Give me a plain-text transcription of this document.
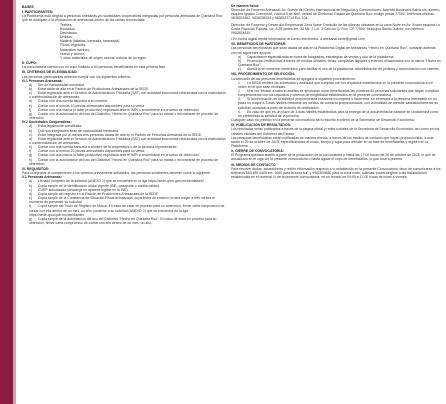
BASES
I. PARTICIPANTES:
La Plataforma está dirigida a personas artesanas y/o sociedades cooperativas integradas por personas artesanas de Quintana Roo que se dediquen a la producción de artesanías dentro de las ramas reconocidas:
Textiles,
Bordados,
Deshilados,
Urdidos,
Madera (talladas, torneada, taraceada)
Fibras vegetales,
Materiales marinos,
Hueso y cuerno,
Y otros materiales de origen natural, nativos de la región.
II. CUPO:
La convocatoria cuenta con un cupo limitado a 84 personas beneficiarias en esta primera fase.
III. CRITERIOS DE ELEGIBILIDAD:
Las personas participantes deberán cumplir con los siguientes criterios:
IV.1 Personas Artesanas:
a) Ser de nacionalidad mexicana.
b) Estar dada de alta en el Padrón de Productores Artesanales de la SEDE.
c) Estar registrado ante el Servicio de Administración Tributaria (SAT) con actividad económica relacionada con la elaboración o comercialización de artesanías.
d) Contar con una cuenta bancaria a su nombre.
e) Contar con al menos 10 piezas artesanales disponibles para su venta.
f) Contar con una marca (o taller productivo) registrada ante el IMPI o encontrarse en proceso de obtención.
g) Contar con la autorización del uso del Distintivo “Hecho en Quintana Roo” para su marca o encontrarse en proceso de obtención.
IV.2 Sociedades Cooperativas:
a) Estar legalmente constituida.
b) Que sus integrantes sean de nacionalidad mexicana.
c) Estar integrada por al menos tres personas dadas de alta en el Padrón de Personas Artesanas de la SEDE.
d) Estar registrada ante el Servicio de Administración Tributaria (SAT) con actividad económica relacionada con la elaboración o comercialización de artesanías.
e) Contar con una cuenta bancaria a nombre de la cooperativa o de la persona representante.
f) Contar con al menos 20 piezas artesanales disponibles para su venta.
g) Contar con una marca (o taller productivo) registrada ante el IMPI o encontrarse en proceso de obtención.
h) Contar con la autorización del uso del Distintivo “Hecho en Quintana Roo” para su marca o encontrarse en proceso de obtención.
IV. REQUISITOS:
Para comprobar el cumplimiento a los criterios previamente señalados, las personas solicitantes deberán cubrir lo siguiente:
V.1 Personas Artesanas:
a) Llenado completo de la solicitud (ANEXO 1) que se encuentra en la liga https://sede.qroo.gob.mx/tiendaweb/
b) Copia simple de la identificación oficial vigente (INE, pasaporte o cartilla militar).
c) CURP actualizada (descarga en aparece legible en la INE).
d) Copia simple del registro en el Padrón de Productores Artesanales de la SEDE.
e) Copia simple de la Constancia de Situación Fiscal actualizada, cuya fecha de emisión no sea mayor a tres meses al momento de presentar su solicitud.
f) Copia simple del Título de Registro de Marca. En caso de estar en proceso para su obtención, firmar carta compromiso de contar con ella dentro de un mes, un año, posterior a su solicitud (ANEXO 2) que se encuentra en la liga https://sede.qroo.gob.mx/tiendaweb/
g) Copia simple de la autorización del uso del Distintivo “Hecho en Quintana Roo”. En caso de estar en proceso para su obtención, firmar carta compromiso de contar con ello dentro de un mes, un año,
De manera física:
Dirección de Fomento Artesanal: Av. Sueste del Centro Internacional de Negocios y Convenciones, Avenida Boulevard Bahía sin número, esquina Ignacio Comonfort, colonia 5 de abril, ciudad de Chetumal, Estado de Quintana Roo; código postal 77000. Teléfonos oficinas: 9838324462, 9838335334 y 9838337714 Ext. 104.
Dirección de Fomento y Desarrollo Empresarial Zona Norte: Domicilio de las oficinas ubicadas en la zona Norte en Av. Xcaret esquina La Costa Plaza las Palmas, loc. A 26 (antes km. 36 Mz. 2 Lot. 3 Cancún Q. Roo, CP 77500. Municipio Benito Juárez; con teléfono 9982834830.
• En forma digital remitir información al correo electrónico: d.artesanal.sede@gmail.com
VII. BENEFICIOS DE PARTICIPAR:
Las personas beneficiarias que sean dadas de alta en la Plataforma Digital de Artesanías “Hecho en Quintana Roo”, contarán además con los siguientes apoyos:
a) Capacitación especializada en toma de fotografías, estrategias de ventas y uso de la plataforma.
b) Promoción institucional a través de medios oficiales, ferias, campañas digitales y eventos relacionados con la marca “Hecho en Quintana Roo”.
c) Asesoría en comercio electrónico para facilitar el uso de la plataforma, administración de pedidos y comunicación con clientes.
VIII. PROCEDIMIENTO DE SELECCIÓN:
La selección de las personas beneficiarias se apegará al siguiente procedimiento:
1. La SEDE recibirá las solicitudes y analizará que cumplan con los requisitos establecidos en la presente convocatoria en el orden en el que sean recibidas.
2. Una vez llevado a cabo el análisis se aprobarán como beneficiarias las primeras 84 personas solicitantes que hayan cumplido completamente con los requisitos y criterios de elegibilidad establecidos en la presente convocatoria.
3. Si la información en la solicitud proporcionada estuviese incompleta o incorrecta, se informará a la persona interesada en un plazo no mayor a 3 días hábiles mediante los medios de contacto proporcionados, con la finalidad de atender satisfactoriamente su solicitud, contando a partir de la fecha de notificación.
4. En caso de que en un plazo de 3 días hábiles establecidos para la entrega de la documentación faltante se considerará como no presentada la solicitud de la persona.
Cualquier caso no previsto en la presente convocatoria será resuelto a criterio de la Secretaría de Desarrollo Económico.
IX. PUBLICACIÓN DE RESULTADOS:
Los resultados serán publicados a través de la página oficial y redes sociales de la Secretaría de Desarrollo Económico, así como en los canales oficiales del Gobierno del Estado.
Las personas beneficiarias serán notificadas de manera directa, a través de los medios de contacto que hayan proporcionado, a más tardar el 29 de octubre de 2025, especificándose el modo, tiempo y lugar para atender en su fase de beneficiarias y registro en la Plataforma.
X. CIERRE DE CONVOCATORIA:
El Programa quedará abierto a partir de la publicación de la convocatoria y hasta las 17:00 horas del 20 de octubre de 2025, lo que se actualizará en el cupo de la presente convocatoria o hasta agotar el cupo de beneficiarias, lo que ocurra primero.
XI. MEDIOS DE CONTACTO
Para resolver dudas, aclaraciones y recibir información respecto a lo establecido en la presente Convocatoria, favor de comunicarse a los teléfonos 983 835 0400 ext. 1080 para la zona sur; y 9982834830 para la zona norte, además, podrá dirigirse a las instalaciones establecidas en el numeral VI de la presente convocatoria, en un horario de 09:00 a 17:00 horas de lunes a viernes.
